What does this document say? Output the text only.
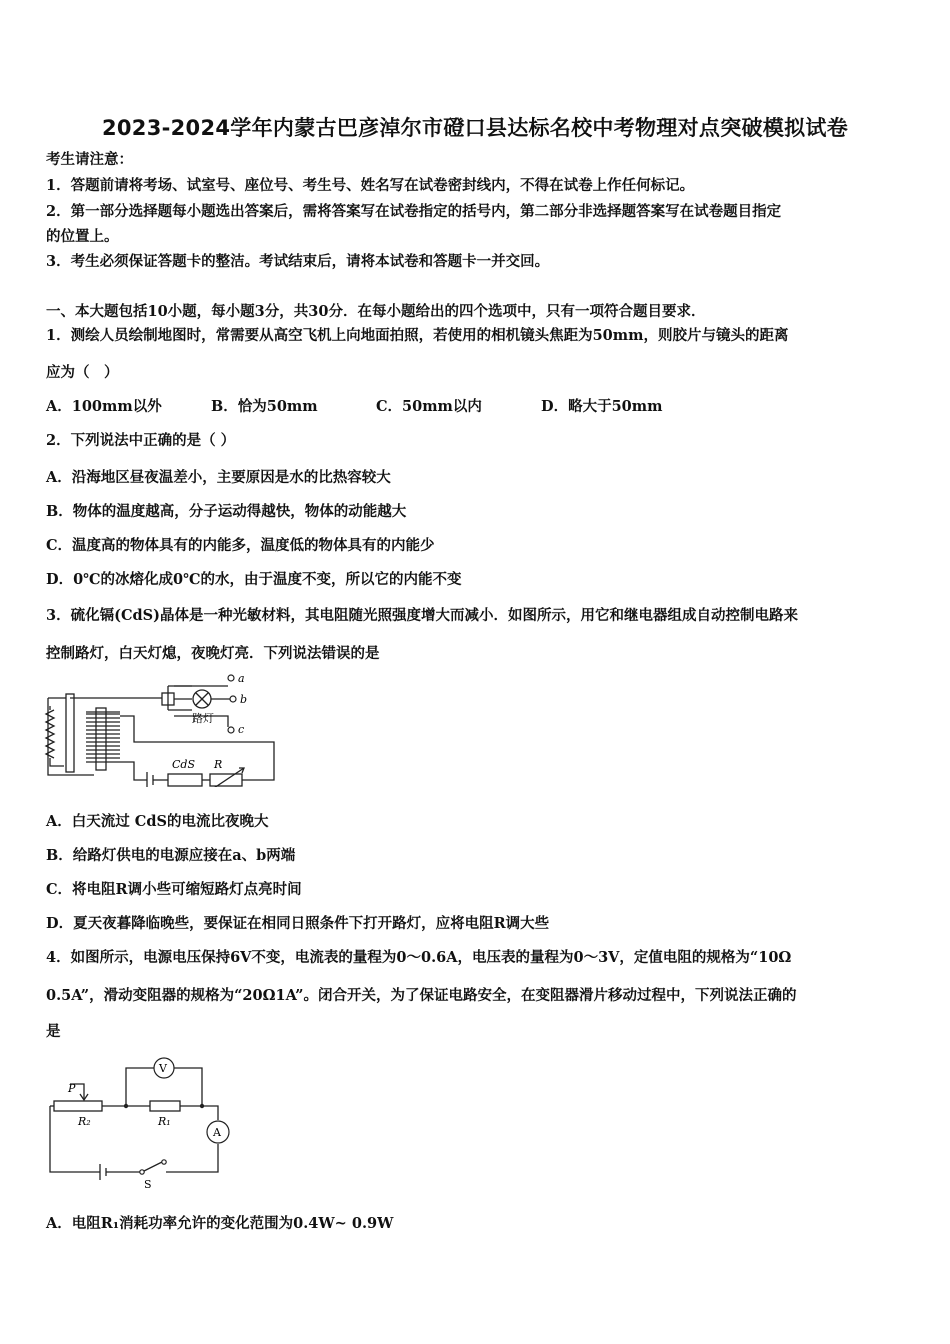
2023-2024学年内蒙古巴彦淖尔市磴口县达标名校中考物理对点突破模拟试卷
考生请注意：
1．答题前请将考场、试室号、座位号、考生号、姓名写在试卷密封线内，不得在试卷上作任何标记。
2．第一部分选择题每小题选出答案后，需将答案写在试卷指定的括号内，第二部分非选择题答案写在试卷题目指定
的位置上。
3．考生必须保证答题卡的整洁。考试结束后，请将本试卷和答题卡一并交回。
一、本大题包括10小题，每小题3分，共30分．在每小题给出的四个选项中，只有一项符合题目要求．
1．测绘人员绘制地图时，常需要从高空飞机上向地面拍照，若使用的相机镜头焦距为50mm，则胶片与镜头的距离
应为（　）
A．100mm以外	B．恰为50mm	C．50mm以内	D．略大于50mm
2．下列说法中正确的是（ ）
A．沿海地区昼夜温差小，主要原因是水的比热容较大
B．物体的温度越高，分子运动得越快，物体的动能越大
C．温度高的物体具有的内能多，温度低的物体具有的内能少
D．0℃的冰熔化成0℃的水，由于温度不变，所以它的内能不变
3．硫化镉(CdS)晶体是一种光敏材料，其电阻随光照强度增大而减小．如图所示，用它和继电器组成自动控制电路来
控制路灯，白天灯熄，夜晚灯亮．下列说法错误的是
a
b
c
路灯
CdS R
A．白天流过 CdS的电流比夜晚大
B．给路灯供电的电源应接在a、b两端
C．将电阻R调小些可缩短路灯点亮时间
D．夏天夜暮降临晚些，要保证在相同日照条件下打开路灯，应将电阻R调大些
4．如图所示，电源电压保持6V不变，电流表的量程为0～0.6A，电压表的量程为0～3V，定值电阻的规格为“10Ω
0.5A”，滑动变阻器的规格为“20Ω1A”。闭合开关，为了保证电路安全，在变阻器滑片移动过程中，下列说法正确的
是
V
A
P
R₂	R₁
S
A．电阻R₁消耗功率允许的变化范围为0.4W~ 0.9W
